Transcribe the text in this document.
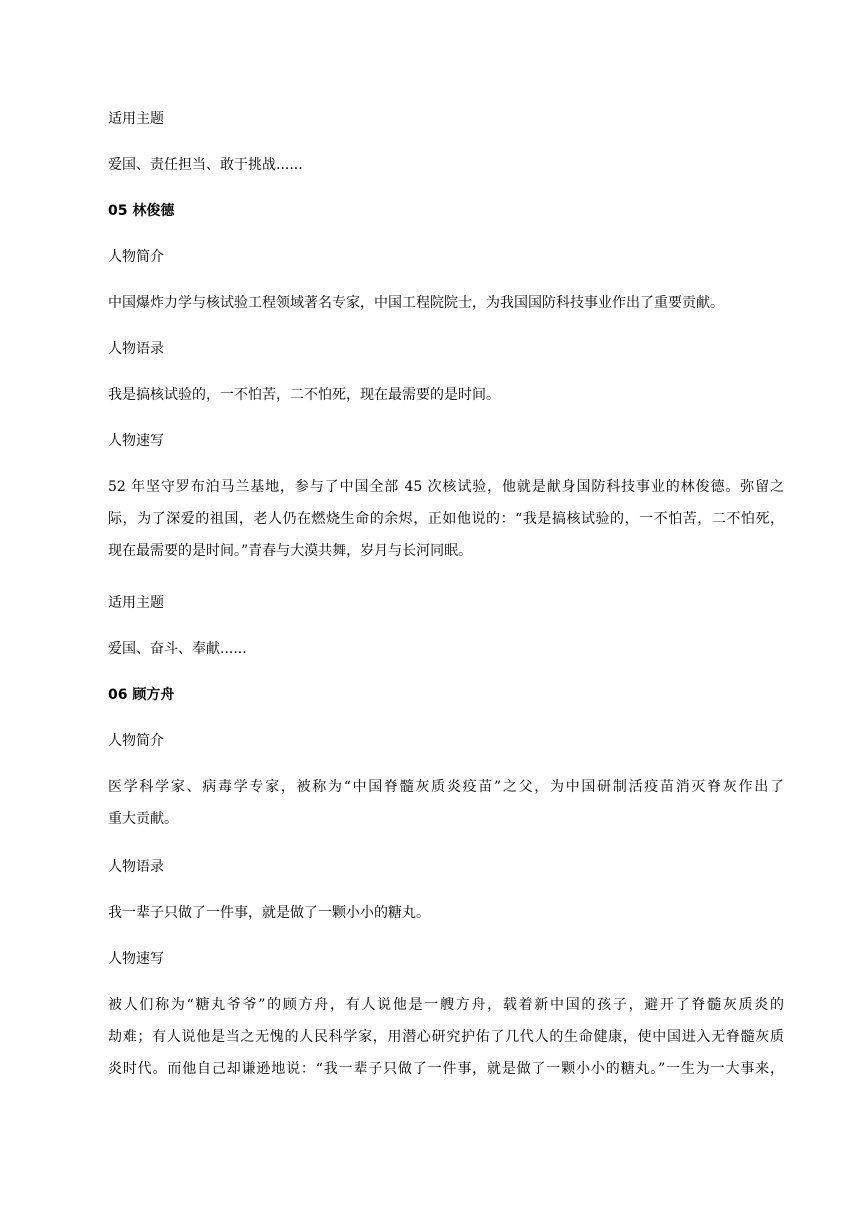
适用主题
爱国、责任担当、敢于挑战......
05 林俊德
人物简介
中国爆炸力学与核试验工程领域著名专家，中国工程院院士，为我国国防科技事业作出了重要贡献。
人物语录
我是搞核试验的，一不怕苦，二不怕死，现在最需要的是时间。
人物速写
52 年坚守罗布泊马兰基地，参与了中国全部 45 次核试验，他就是献身国防科技事业的林俊德。弥留之
际，为了深爱的祖国，老人仍在燃烧生命的余烬，正如他说的：“我是搞核试验的，一不怕苦，二不怕死，
现在最需要的是时间。”青春与大漠共舞，岁月与长河同眠。
适用主题
爱国、奋斗、奉献......
06 顾方舟
人物简介
医学科学家、病毒学专家，被称为“中国脊髓灰质炎疫苗”之父，为中国研制活疫苗消灭脊灰作出了
重大贡献。
人物语录
我一辈子只做了一件事，就是做了一颗小小的糖丸。
人物速写
被人们称为“糖丸爷爷”的顾方舟，有人说他是一艘方舟，载着新中国的孩子，避开了脊髓灰质炎的
劫难；有人说他是当之无愧的人民科学家，用潜心研究护佑了几代人的生命健康，使中国进入无脊髓灰质
炎时代。而他自己却谦逊地说：“我一辈子只做了一件事，就是做了一颗小小的糖丸。”一生为一大事来，
